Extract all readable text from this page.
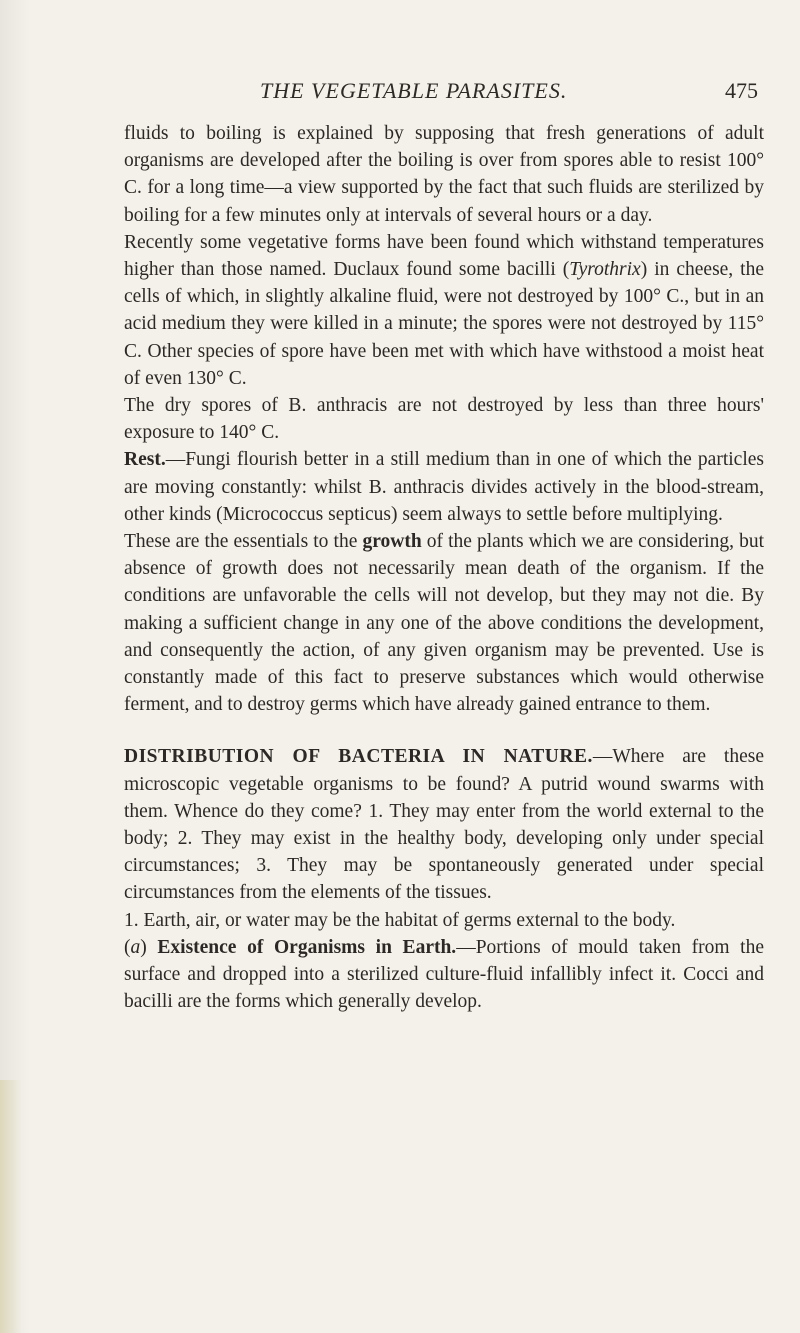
THE VEGETABLE PARASITES.	475

fluids to boiling is explained by supposing that fresh generations of adult organisms are developed after the boiling is over from spores able to resist 100° C. for a long time—a view supported by the fact that such fluids are sterilized by boiling for a few minutes only at intervals of several hours or a day.

Recently some vegetative forms have been found which withstand temperatures higher than those named. Duclaux found some bacilli (Tyrothrix) in cheese, the cells of which, in slightly alkaline fluid, were not destroyed by 100° C., but in an acid medium they were killed in a minute; the spores were not destroyed by 115° C. Other species of spore have been met with which have withstood a moist heat of even 130° C.

The dry spores of B. anthracis are not destroyed by less than three hours' exposure to 140° C.

Rest.—Fungi flourish better in a still medium than in one of which the particles are moving constantly: whilst B. anthracis divides actively in the blood-stream, other kinds (Micrococcus septicus) seem always to settle before multiplying.

These are the essentials to the growth of the plants which we are considering, but absence of growth does not necessarily mean death of the organism. If the conditions are unfavorable the cells will not develop, but they may not die. By making a sufficient change in any one of the above conditions the development, and consequently the action, of any given organism may be prevented. Use is constantly made of this fact to preserve substances which would otherwise ferment, and to destroy germs which have already gained entrance to them.

DISTRIBUTION OF BACTERIA IN NATURE.—Where are these microscopic vegetable organisms to be found? A putrid wound swarms with them. Whence do they come? 1. They may enter from the world external to the body; 2. They may exist in the healthy body, developing only under special circumstances; 3. They may be spontaneously generated under special circumstances from the elements of the tissues.

1. Earth, air, or water may be the habitat of germs external to the body.

(a) Existence of Organisms in Earth.—Portions of mould taken from the surface and dropped into a sterilized culture-fluid infallibly infect it. Cocci and bacilli are the forms which generally develop.
